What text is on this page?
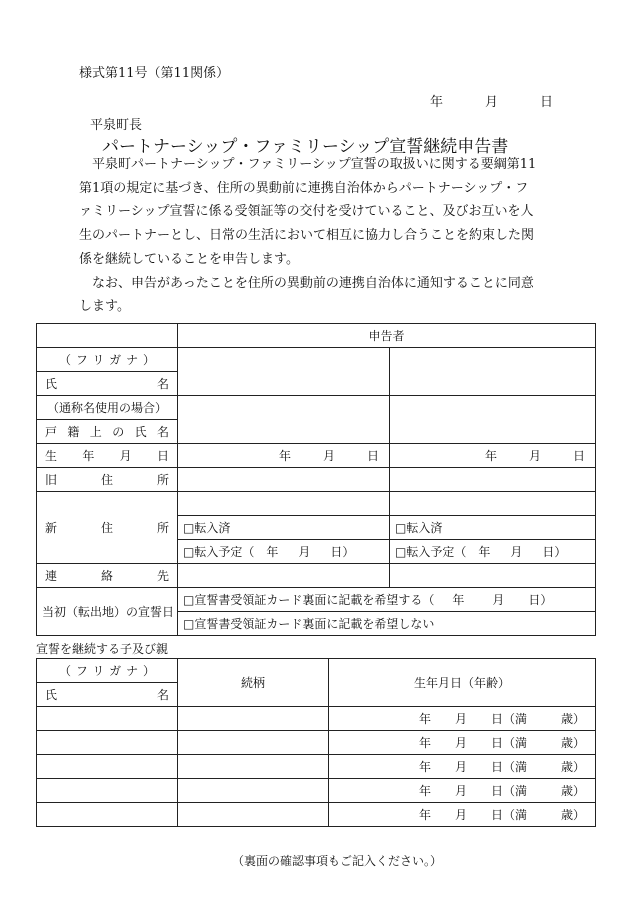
様式第11号（第11関係）
年	月	日
平泉町長
パートナーシップ・ファミリーシップ宣誓継続申告書

平泉町パートナーシップ・ファミリーシップ宣誓の取扱いに関する要綱第11

第1項の規定に基づき、住所の異動前に連携自治体からパートナーシップ・フ

ァミリーシップ宣誓に係る受領証等の交付を受けていること、及びお互いを人

生のパートナーとし、日常の生活において相互に協力し合うことを約束した関

係を継続していることを申告します。

なお、申告があったことを住所の異動前の連携自治体に通知することに同意

します。

	申告者	
（フリガナ）		
氏名		
（通称名使用の場合）		
戸籍上の氏名		
生年月日	年 月 日	年 月 日
旧住所		
新住所		
	□転入済	□転入済
	□転入予定（ 年 月 日）	□転入予定（ 年 月 日）
連絡先		
当初（転出地）の宣誓日	□宣誓書受領証カード裏面に記載を希望する（ 年 月 日）	
	□宣誓書受領証カード裏面に記載を希望しない	
宣誓を継続する子及び親
（フリガナ）	続柄	生年月日（年齢）
氏名		
		年 月 日（満 歳）
		年 月 日（満 歳）
		年 月 日（満 歳）
		年 月 日（満 歳）
		年 月 日（満 歳）
（裏面の確認事項もご記入ください。）
